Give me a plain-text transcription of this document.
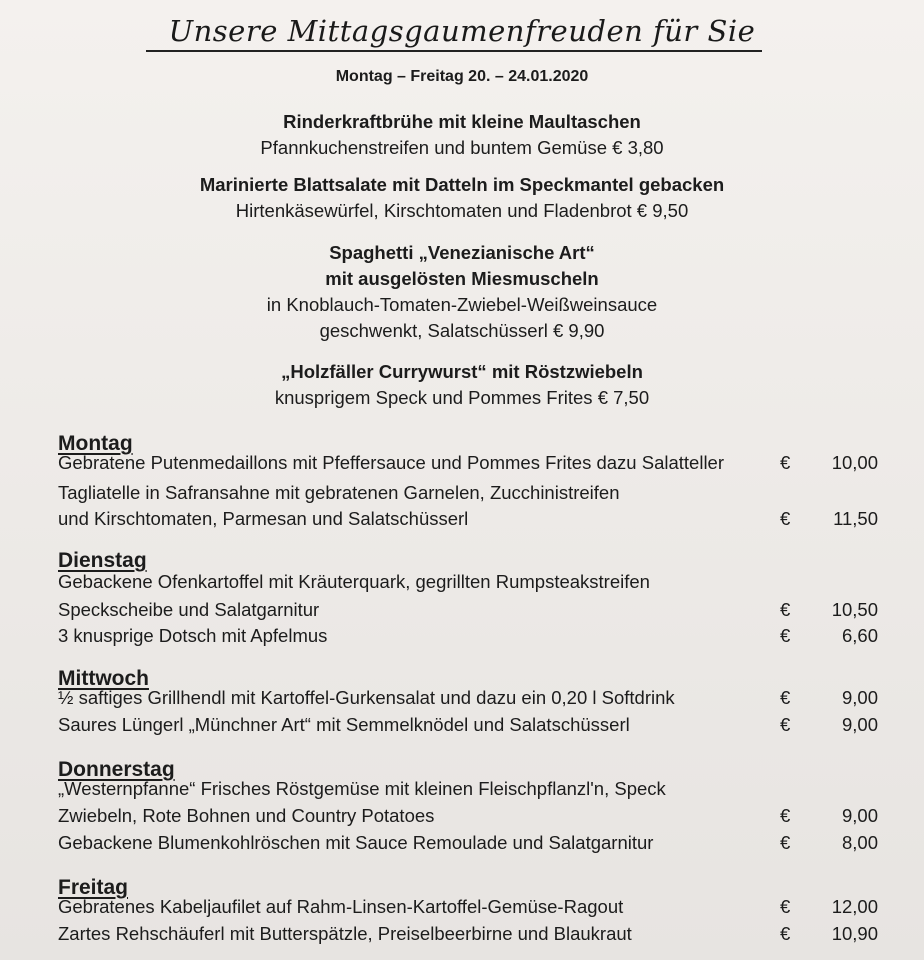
Unsere Mittagsgaumenfreuden für Sie
Montag – Freitag 20. – 24.01.2020
Rinderkraftbrühe mit kleine Maultaschen
Pfannkuchenstreifen und buntem Gemüse € 3,80
Marinierte Blattsalate mit Datteln im Speckmantel gebacken
Hirtenkäsewürfel, Kirschtomaten und Fladenbrot € 9,50
Spaghetti „Venezianische Art“
mit ausgelösten Miesmuscheln
in Knoblauch-Tomaten-Zwiebel-Weißweinsauce
geschwenkt, Salatschüsserl € 9,90
„Holzfäller Currywurst“ mit Röstzwiebeln
knusprigem Speck und Pommes Frites € 7,50
Montag
Gebratene Putenmedaillons mit Pfeffersauce und Pommes Frites dazu Salatteller	€ 10,00
Tagliatelle in Safransahne mit gebratenen Garnelen, Zucchinistreifen
und Kirschtomaten, Parmesan und Salatschüsserl	€ 11,50
Dienstag
Gebackene Ofenkartoffel mit Kräuterquark, gegrillten Rumpsteakstreifen
Speckscheibe und Salatgarnitur	€ 10,50
3 knusprige Dotsch mit Apfelmus	€	6,60
Mittwoch
½ saftiges Grillhendl mit Kartoffel-Gurkensalat und dazu ein 0,20 l Softdrink	€	9,00
Saures Lüngerl „Münchner Art“ mit Semmelknödel und Salatschüsserl	€	9,00
Donnerstag
„Westernpfanne“ Frisches Röstgemüse mit kleinen Fleischpflanzl'n, Speck
Zwiebeln, Rote Bohnen und Country Potatoes	€	9,00
Gebackene Blumenkohlröschen mit Sauce Remoulade und Salatgarnitur	€	8,00
Freitag
Gebratenes Kabeljaufilet auf Rahm-Linsen-Kartoffel-Gemüse-Ragout	€ 12,00
Zartes Rehschäuferl mit Butterspätzle, Preiselbeerbirne und Blaukraut	€ 10,90
